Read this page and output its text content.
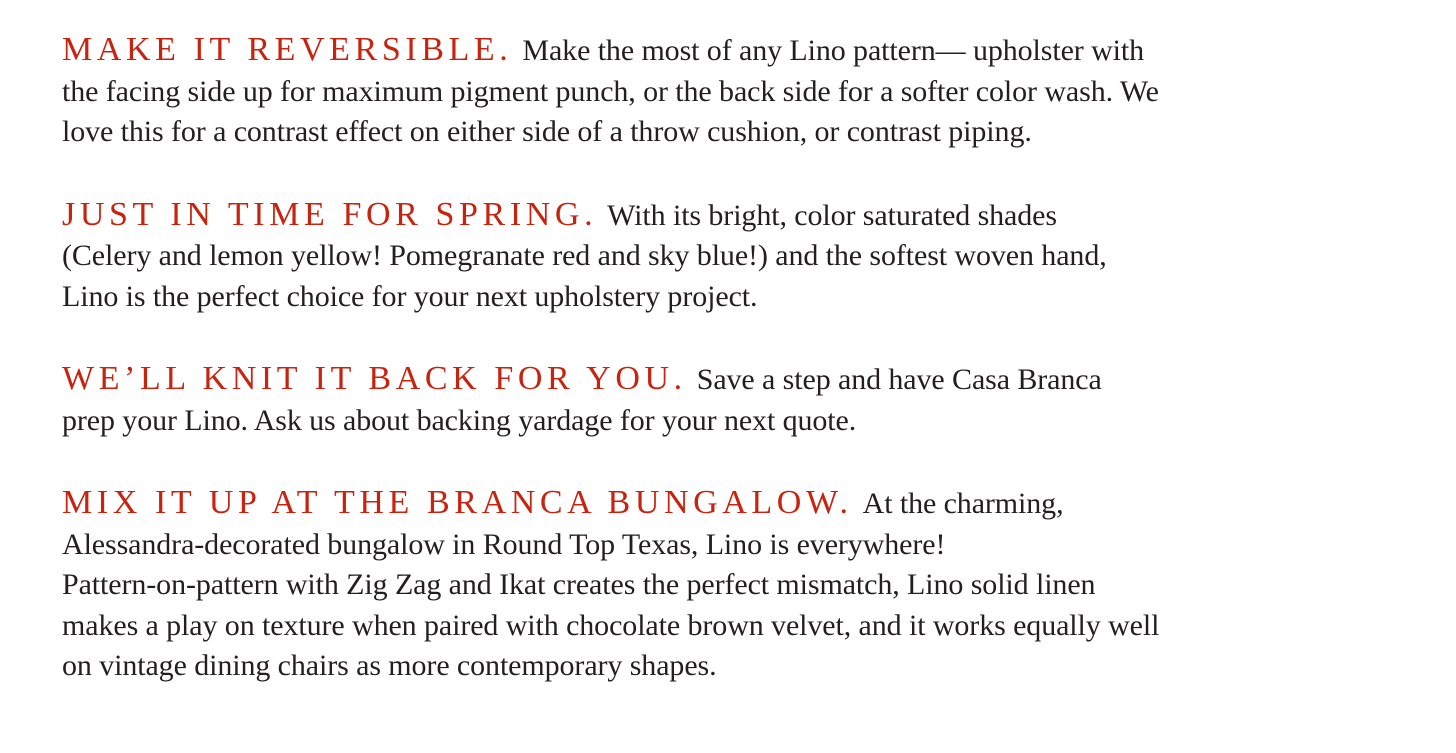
MAKE IT REVERSIBLE. Make the most of any Lino pattern— upholster with
the facing side up for maximum pigment punch, or the back side for a softer color wash. We
love this for a contrast effect on either side of a throw cushion, or contrast piping.
JUST IN TIME FOR SPRING. With its bright, color saturated shades
(Celery and lemon yellow! Pomegranate red and sky blue!) and the softest woven hand,
Lino is the perfect choice for your next upholstery project.
WE’LL KNIT IT BACK FOR YOU. Save a step and have Casa Branca
prep your Lino. Ask us about backing yardage for your next quote.
MIX IT UP AT THE BRANCA BUNGALOW. At the charming,
Alessandra-decorated bungalow in Round Top Texas, Lino is everywhere!
Pattern-on-pattern with Zig Zag and Ikat creates the perfect mismatch, Lino solid linen
makes a play on texture when paired with chocolate brown velvet, and it works equally well
on vintage dining chairs as more contemporary shapes.
